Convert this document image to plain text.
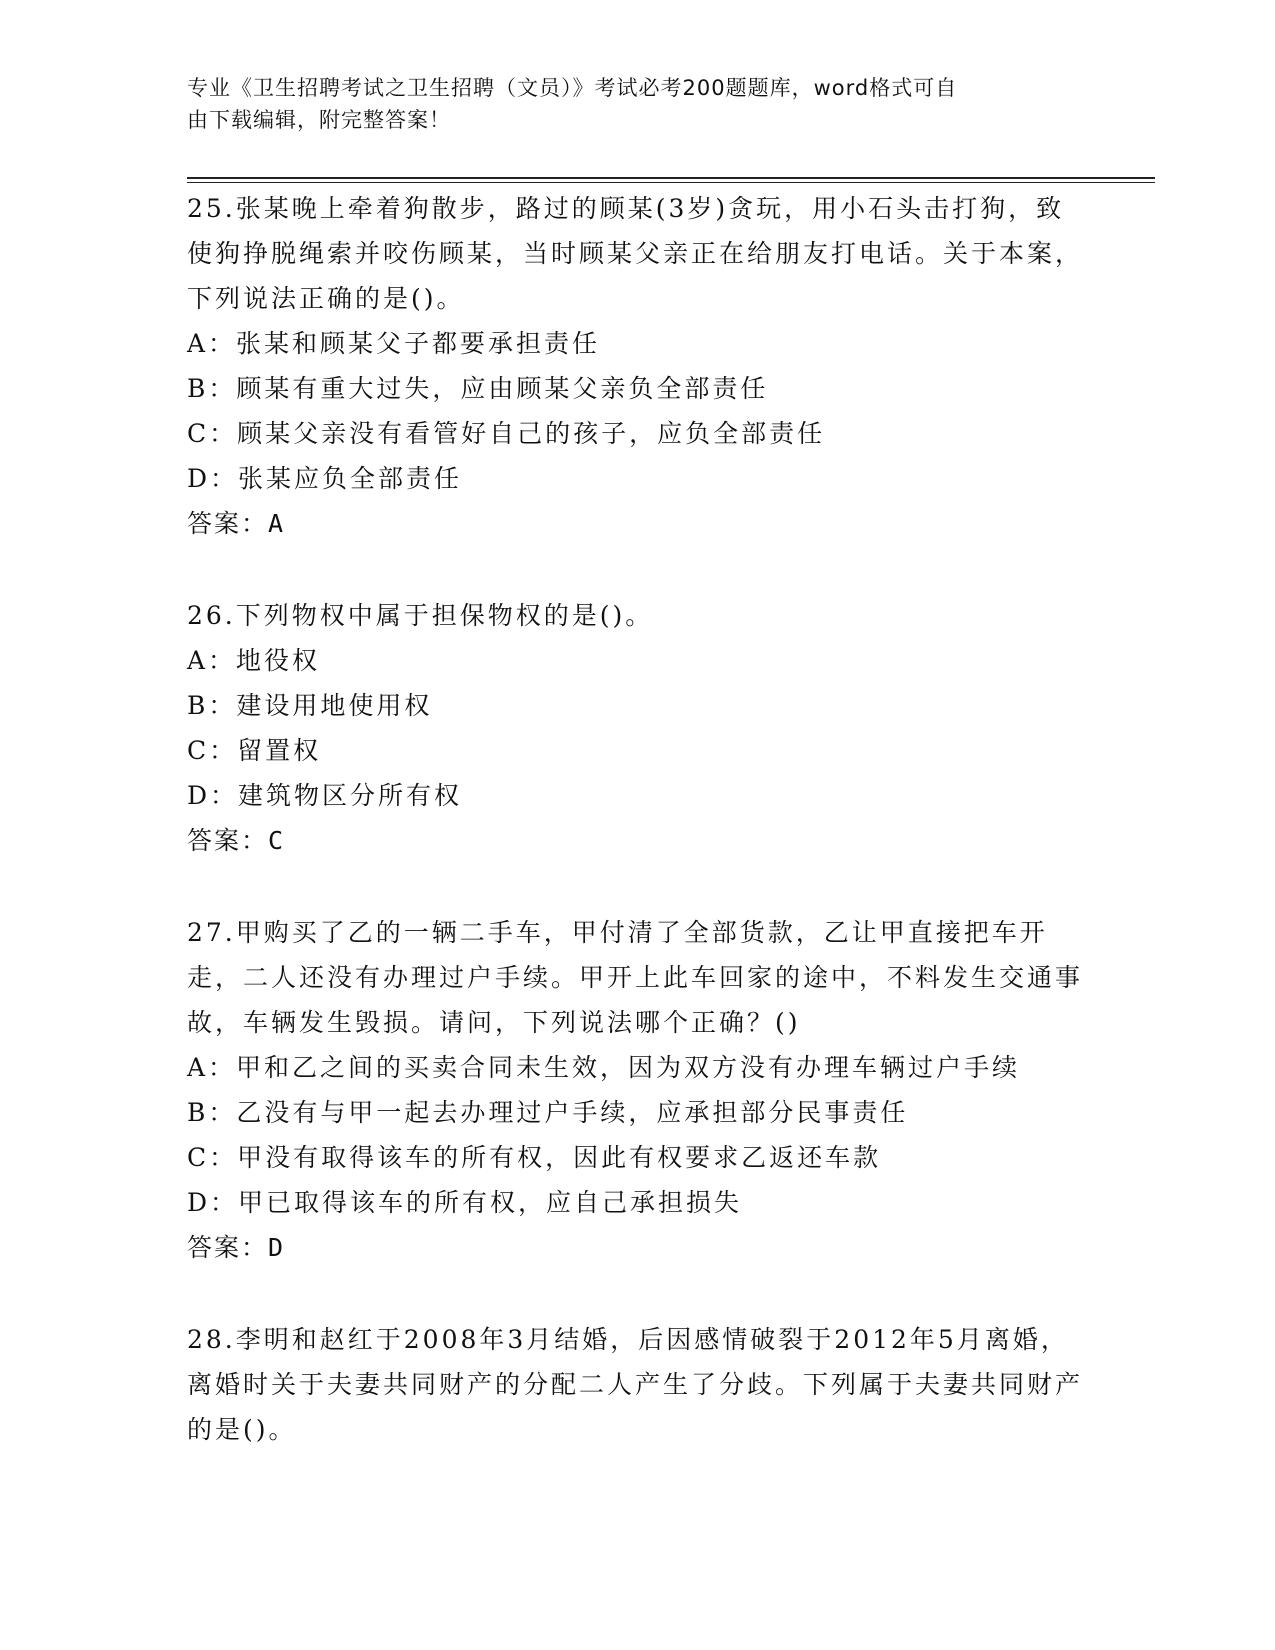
专业《卫生招聘考试之卫生招聘（文员）》考试必考200题题库，word格式可自
由下载编辑，附完整答案！

25.张某晚上牵着狗散步，路过的顾某(3岁)贪玩，用小石头击打狗，致使狗挣脱绳索并咬伤顾某，当时顾某父亲正在给朋友打电话。关于本案，下列说法正确的是()。

A：张某和顾某父子都要承担责任

B：顾某有重大过失，应由顾某父亲负全部责任

C：顾某父亲没有看管好自己的孩子，应负全部责任

D：张某应负全部责任

答案：A

26.下列物权中属于担保物权的是()。

A：地役权

B：建设用地使用权

C：留置权

D：建筑物区分所有权

答案：C

27.甲购买了乙的一辆二手车，甲付清了全部货款，乙让甲直接把车开走，二人还没有办理过户手续。甲开上此车回家的途中，不料发生交通事故，车辆发生毁损。请问，下列说法哪个正确？()

A：甲和乙之间的买卖合同未生效，因为双方没有办理车辆过户手续

B：乙没有与甲一起去办理过户手续，应承担部分民事责任

C：甲没有取得该车的所有权，因此有权要求乙返还车款

D：甲已取得该车的所有权，应自己承担损失

答案：D

28.李明和赵红于2008年3月结婚，后因感情破裂于2012年5月离婚，离婚时关于夫妻共同财产的分配二人产生了分歧。下列属于夫妻共同财产的是()。
